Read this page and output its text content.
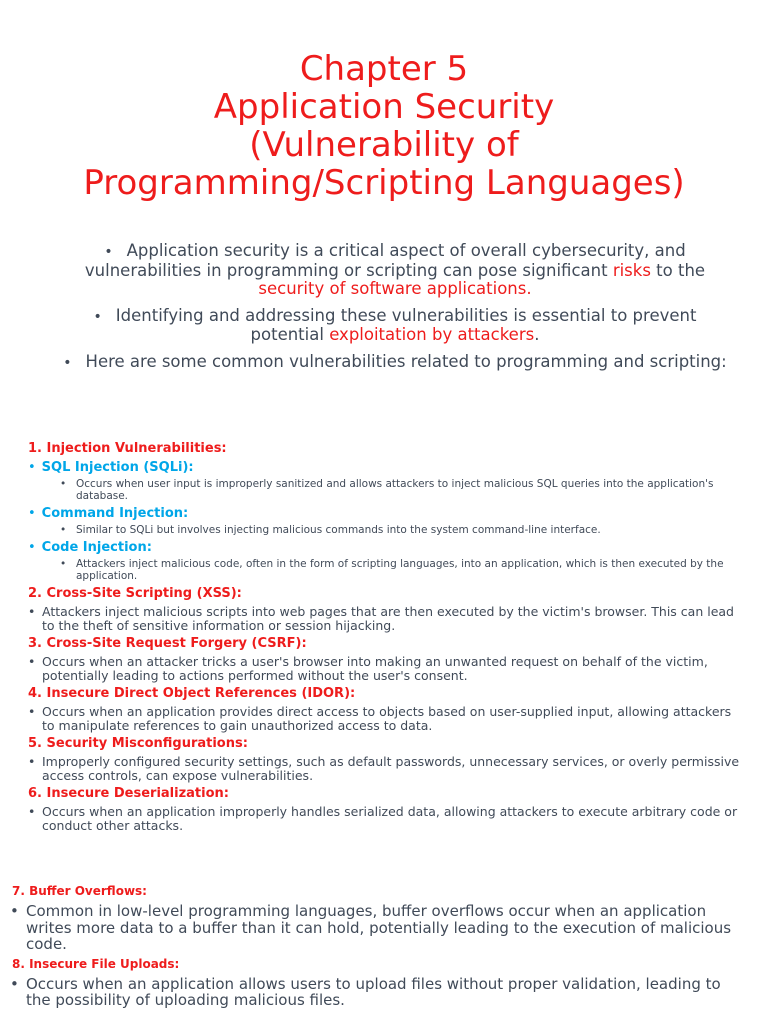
Chapter 5
Application Security
(Vulnerability of
Programming/Scripting Languages)

• Application security is a critical aspect of overall cybersecurity, and vulnerabilities in programming or scripting can pose significant risks to the security of software applications.

• Identifying and addressing these vulnerabilities is essential to prevent potential exploitation by attackers.

• Here are some common vulnerabilities related to programming and scripting:

1. Injection Vulnerabilities:
• SQL Injection (SQLi):
• Occurs when user input is improperly sanitized and allows attackers to inject malicious SQL queries into the application's database.
• Command Injection:
• Similar to SQLi but involves injecting malicious commands into the system command-line interface.
• Code Injection:
• Attackers inject malicious code, often in the form of scripting languages, into an application, which is then executed by the application.
2. Cross-Site Scripting (XSS):
• Attackers inject malicious scripts into web pages that are then executed by the victim's browser. This can lead to the theft of sensitive information or session hijacking.
3. Cross-Site Request Forgery (CSRF):
• Occurs when an attacker tricks a user's browser into making an unwanted request on behalf of the victim, potentially leading to actions performed without the user's consent.
4. Insecure Direct Object References (IDOR):
• Occurs when an application provides direct access to objects based on user-supplied input, allowing attackers to manipulate references to gain unauthorized access to data.
5. Security Misconfigurations:
• Improperly configured security settings, such as default passwords, unnecessary services, or overly permissive access controls, can expose vulnerabilities.
6. Insecure Deserialization:
• Occurs when an application improperly handles serialized data, allowing attackers to execute arbitrary code or conduct other attacks.
7. Buffer Overflows:
• Common in low-level programming languages, buffer overflows occur when an application writes more data to a buffer than it can hold, potentially leading to the execution of malicious code.
8. Insecure File Uploads:
• Occurs when an application allows users to upload files without proper validation, leading to the possibility of uploading malicious files.
